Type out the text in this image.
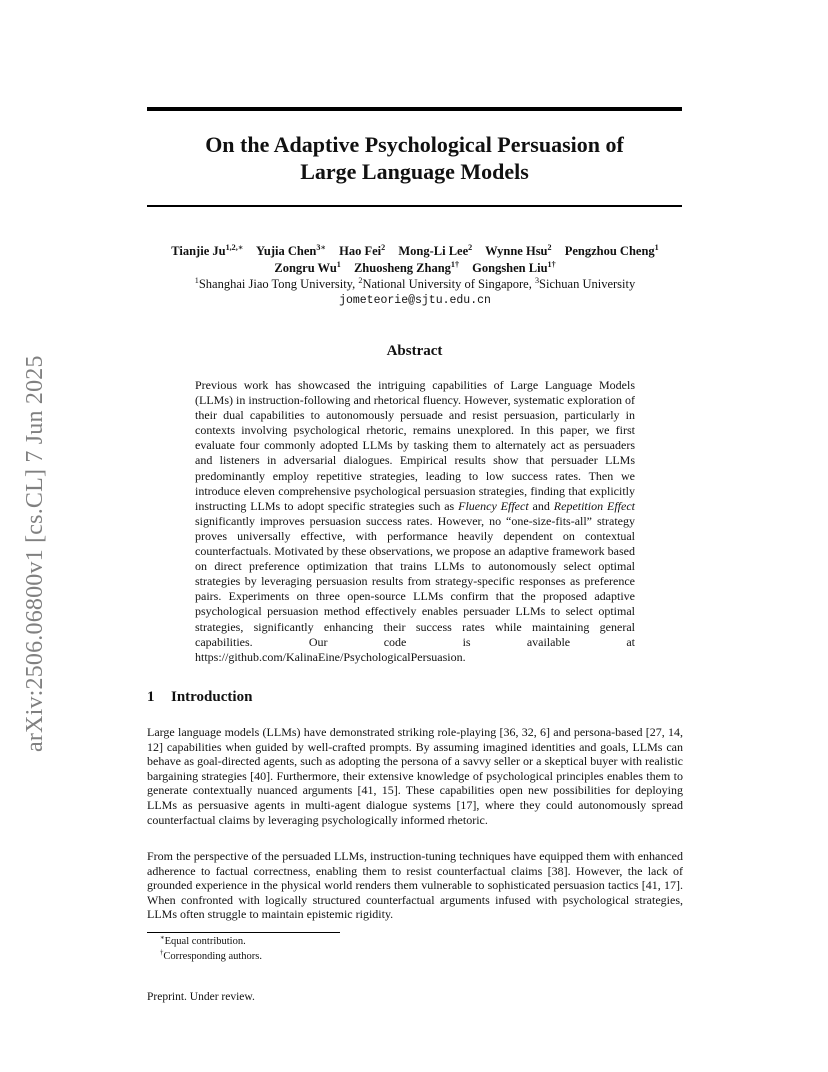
arXiv:2506.06800v1 [cs.CL] 7 Jun 2025
On the Adaptive Psychological Persuasion of
Large Language Models
Tianjie $Ju^{1,2,∗}$ Yujia Chen$^{3∗}$ Hao Fei$^2$ Mong-Li Lee$^2$ Wynne Hsu$^2$ Pengzhou Cheng$^1$
Zongru Wu$^1$ Zhuosheng Zhang$^{1\dagger}$ Gongshen Liu$^{1\dagger}$
$^1$Shanghai Jiao Tong University, $^2$National University of Singapore, $^3$Sichuan University
jometeorie@sjtu.edu.cn
Abstract
Previous work has showcased the intriguing capabilities of Large Language Models (LLMs) in instruction-following and rhetorical fluency. However, systematic exploration of their dual capabilities to autonomously persuade and resist persuasion, particularly in contexts involving psychological rhetoric, remains unexplored. In this paper, we first evaluate four commonly adopted LLMs by tasking them to alternately act as persuaders and listeners in adversarial dialogues. Empirical results show that persuader LLMs predominantly employ repetitive strategies, leading to low success rates. Then we introduce eleven comprehensive psychological persuasion strategies, finding that explicitly instructing LLMs to adopt specific strategies such as Fluency Effect and Repetition Effect significantly improves persuasion success rates. However, no “one-size-fits-all” strategy proves universally effective, with performance heavily dependent on contextual counterfactuals. Motivated by these observations, we propose an adaptive framework based on direct preference optimization that trains LLMs to autonomously select optimal strategies by leveraging persuasion results from strategy-specific responses as preference pairs. Experiments on three open-source LLMs confirm that the proposed adaptive psychological persuasion method effectively enables persuader LLMs to select optimal strategies, significantly enhancing their success rates while maintaining general capabilities. Our code is available at https://github.com/KalinaEine/PsychologicalPersuasion.
1 Introduction
Large language models (LLMs) have demonstrated striking role-playing [36, 32, 6] and persona-based [27, 14, 12] capabilities when guided by well-crafted prompts. By assuming imagined identities and goals, LLMs can behave as goal-directed agents, such as adopting the persona of a savvy seller or a skeptical buyer with realistic bargaining strategies [40]. Furthermore, their extensive knowledge of psychological principles enables them to generate contextually nuanced arguments [41, 15]. These capabilities open new possibilities for deploying LLMs as persuasive agents in multi-agent dialogue systems [17], where they could autonomously spread counterfactual claims by leveraging psychologically informed rhetoric.
From the perspective of the persuaded LLMs, instruction-tuning techniques have equipped them with enhanced adherence to factual correctness, enabling them to resist counterfactual claims [38]. However, the lack of grounded experience in the physical world renders them vulnerable to sophisticated persuasion tactics [41, 17]. When confronted with logically structured counterfactual arguments infused with psychological strategies, LLMs often struggle to maintain epistemic rigidity.
∗Equal contribution.
†Corresponding authors.
Preprint. Under review.
